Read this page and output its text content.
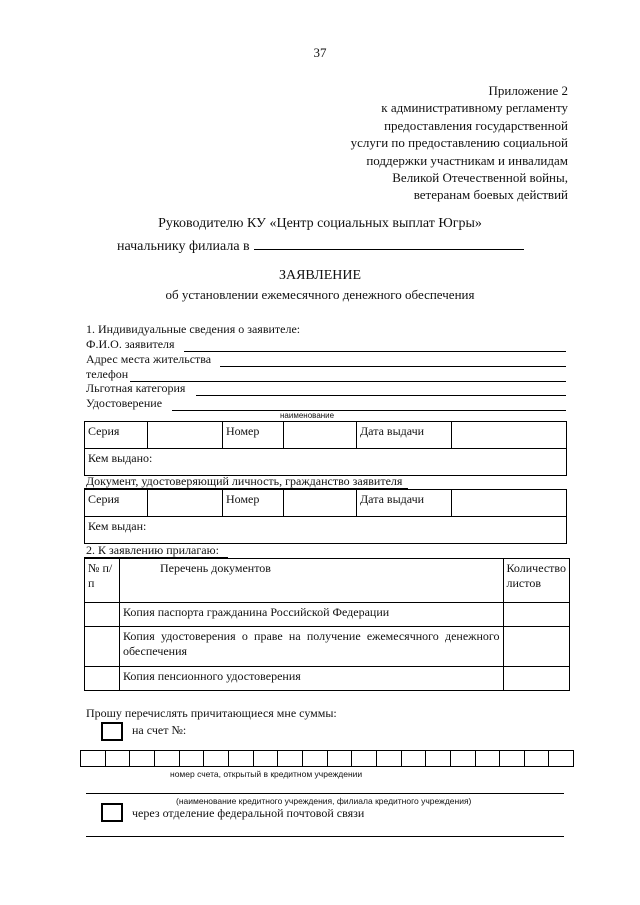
37
Приложение 2
к административному регламенту
предоставления государственной
услуги по предоставлению социальной
поддержки участникам и инвалидам
Великой Отечественной войны,
ветеранам боевых действий
Руководителю КУ «Центр социальных выплат Югры»
начальнику филиала в
ЗАЯВЛЕНИЕ
об установлении ежемесячного денежного обеспечения
1. Индивидуальные сведения о заявителе:
Ф.И.О. заявителя
Адрес места жительства
телефон
Льготная категория
Удостоверение
наименование
Серия		Номер		Дата выдачи	
Кем выдано:
Документ, удостоверяющий личность, гражданство заявителя
Серия		Номер		Дата выдачи	
Кем выдан:
2. К заявлению прилагаю:
№ п/п	Перечень документов	Количество листов
	Копия паспорта гражданина Российской Федерации	
	Копия удостоверения о праве на получение ежемесячного денежного обеспечения	
	Копия пенсионного удостоверения	
Прошу перечислять причитающиеся мне суммы:
на счет №:
номер счета, открытый в кредитном учреждении
(наименование кредитного учреждения, филиала кредитного учреждения)
через отделение федеральной почтовой связи
